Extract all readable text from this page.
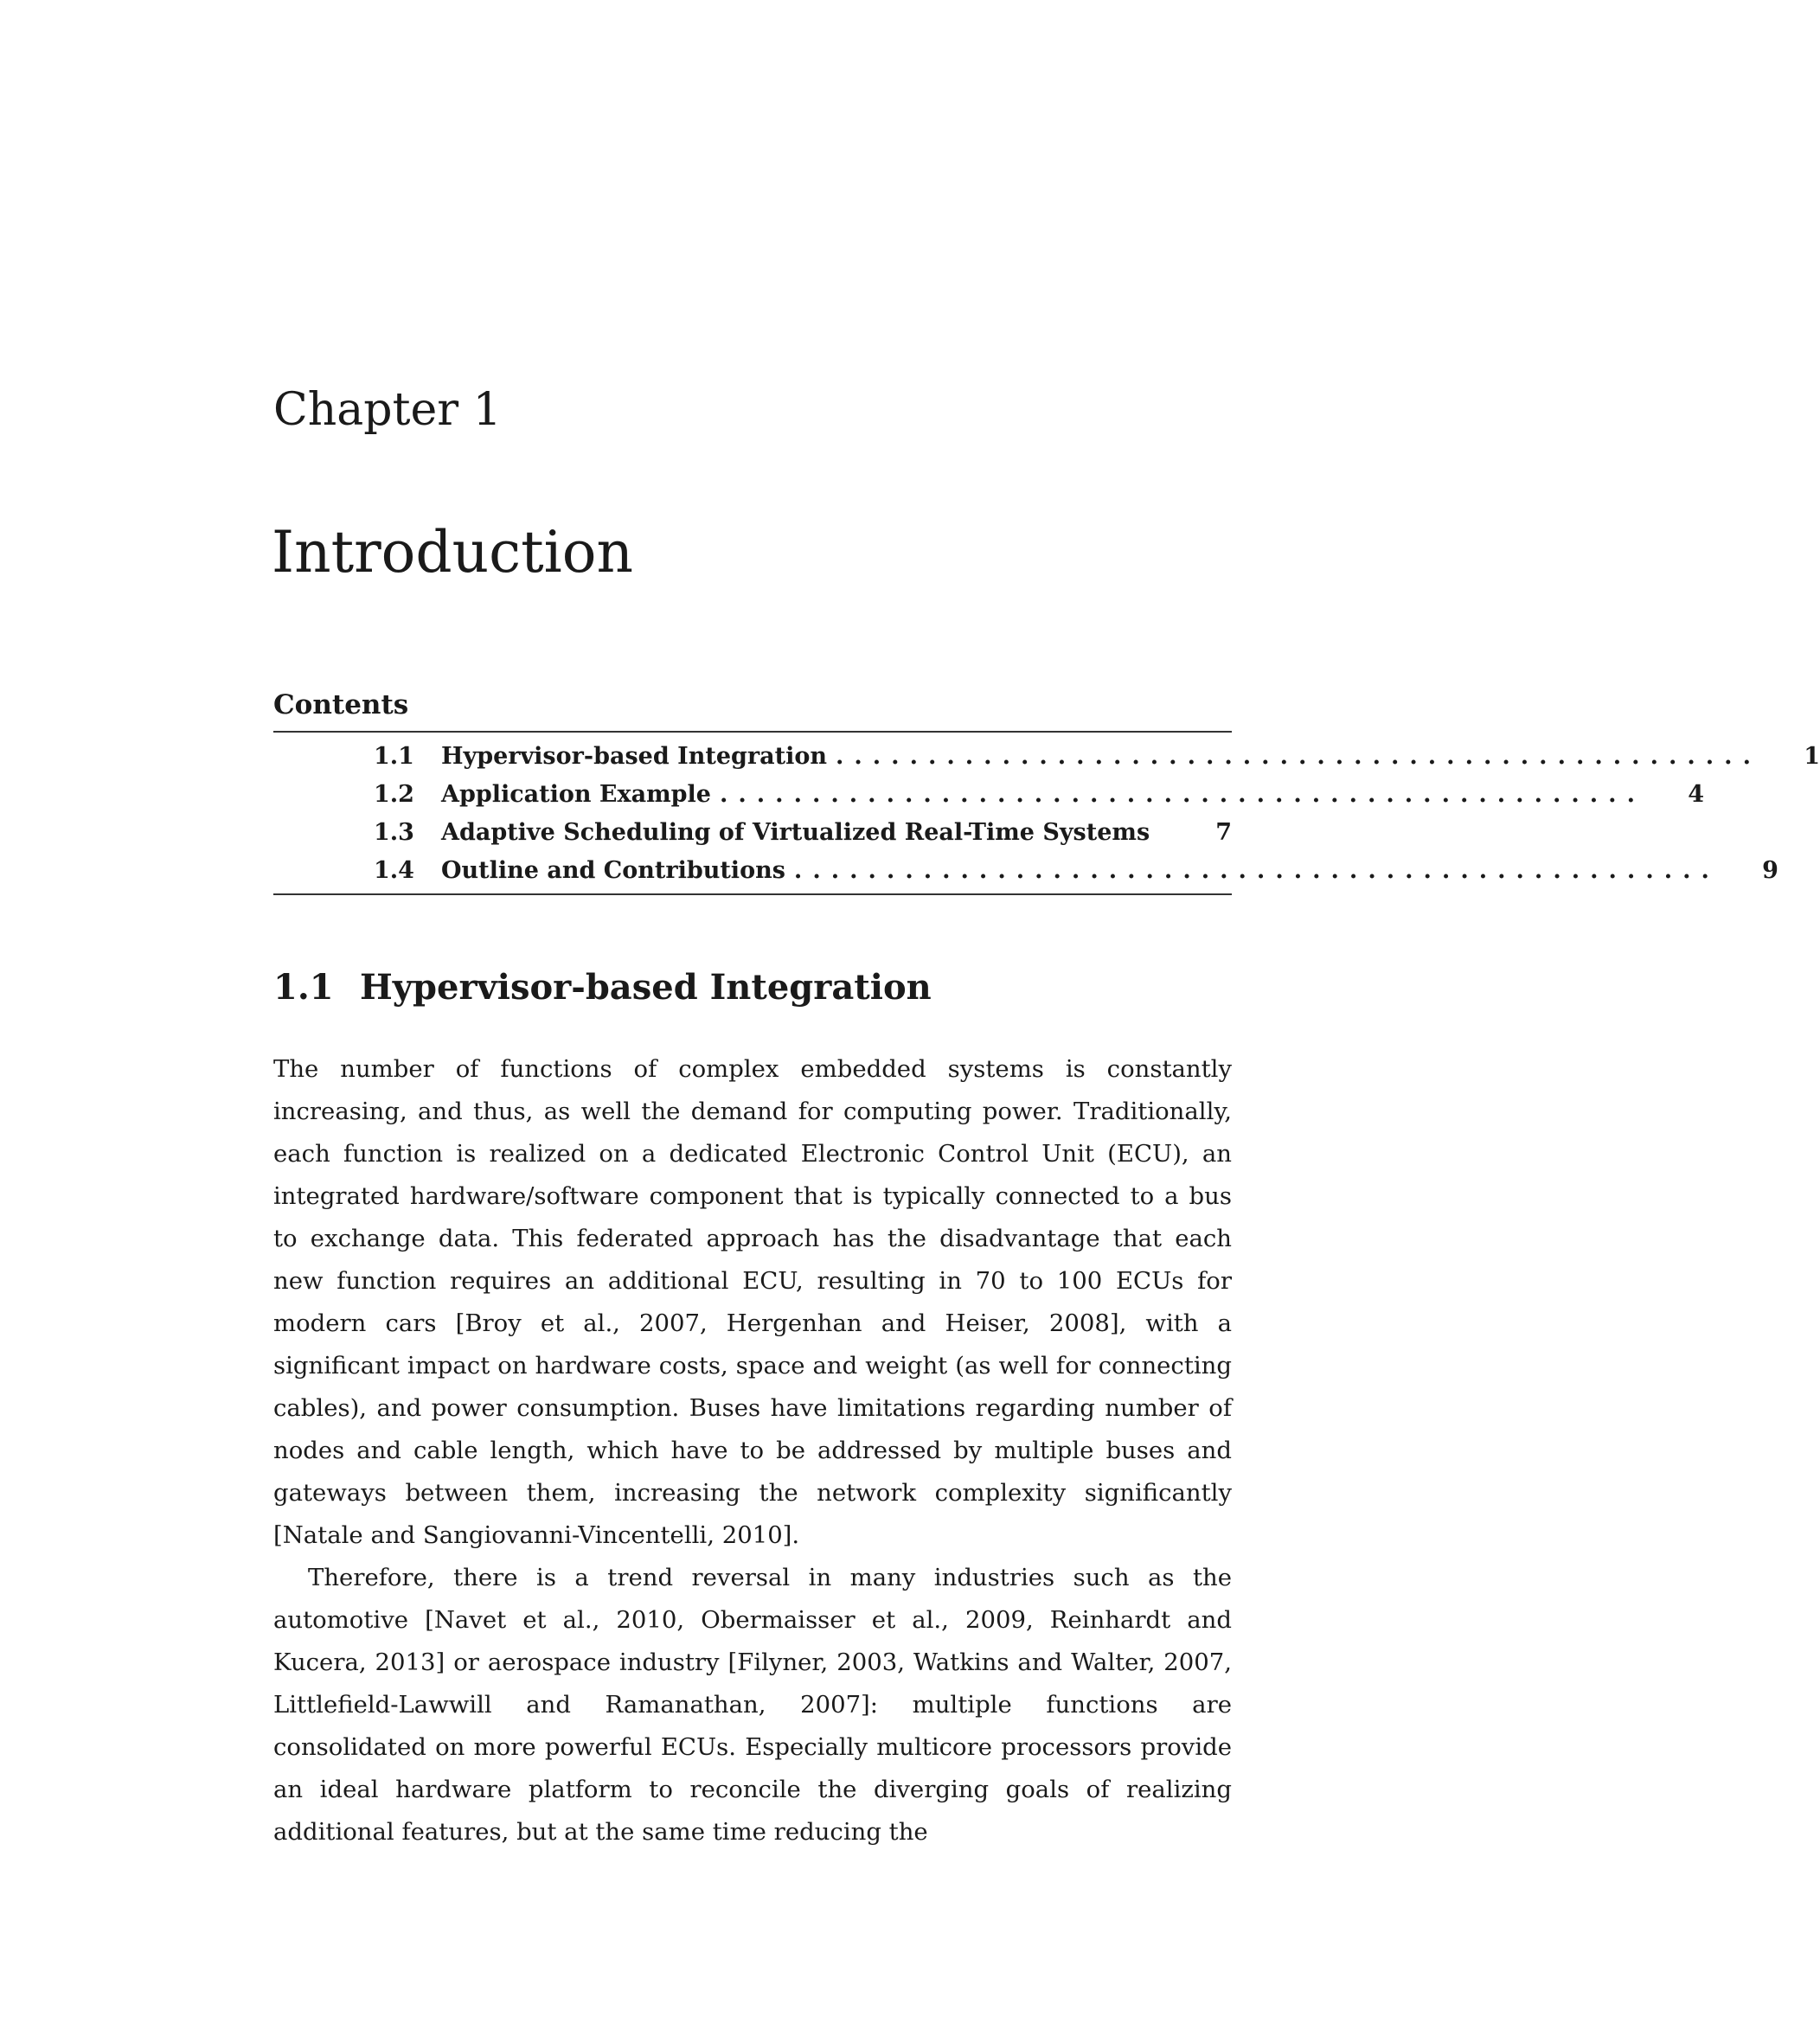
Chapter 1
Introduction
Contents
1.1	Hypervisor-based Integration ..................................................	1
1.2	Application Example ..................................................	4
1.3	Adaptive Scheduling of Virtualized Real-Time Systems	7
1.4	Outline and Contributions ..................................................	9
1.1 Hypervisor-based Integration

The number of functions of complex embedded systems is constantly increasing, and thus, as well the demand for computing power. Traditionally, each function is realized on a dedicated Electronic Control Unit (ECU), an integrated hardware/software component that is typically connected to a bus to exchange data. This federated approach has the disadvantage that each new function requires an additional ECU, resulting in 70 to 100 ECUs for modern cars [Broy et al., 2007, Hergenhan and Heiser, 2008], with a significant impact on hardware costs, space and weight (as well for connecting cables), and power consumption. Buses have limitations regarding number of nodes and cable length, which have to be addressed by multiple buses and gateways between them, increasing the network complexity significantly [Natale and Sangiovanni-Vincentelli, 2010].

Therefore, there is a trend reversal in many industries such as the automotive [Navet et al., 2010, Obermaisser et al., 2009, Reinhardt and Kucera, 2013] or aerospace industry [Filyner, 2003, Watkins and Walter, 2007, Littlefield-Lawwill and Ramanathan, 2007]: multiple functions are consolidated on more powerful ECUs. Especially multicore processors provide an ideal hardware platform to reconcile the diverging goals of realizing additional features, but at the same time reducing the
